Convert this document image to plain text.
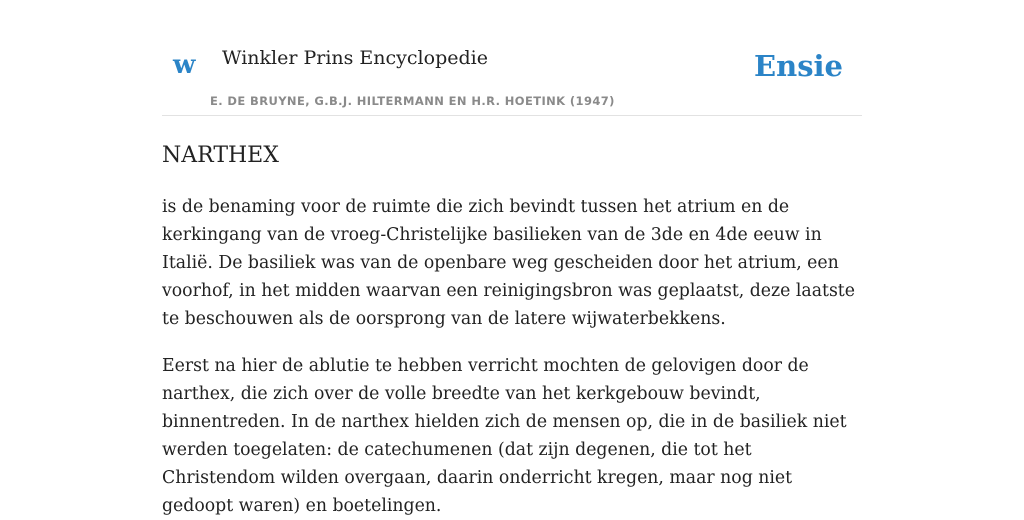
w Winkler Prins Encyclopedie
E. DE BRUYNE, G.B.J. HILTERMANN EN H.R. HOETINK (1947)
Ensie
NARTHEX

is de benaming voor de ruimte die zich bevindt tussen het atrium en de kerkingang van de vroeg-Christelijke basilieken van de 3de en 4de eeuw in Italië. De basiliek was van de openbare weg gescheiden door het atrium, een voorhof, in het midden waarvan een reinigingsbron was geplaatst, deze laatste te beschouwen als de oorsprong van de latere wijwaterbekkens.

Eerst na hier de ablutie te hebben verricht mochten de gelovigen door de narthex, die zich over de volle breedte van het kerkgebouw bevindt, binnentreden. In de narthex hielden zich de mensen op, die in de basiliek niet werden toegelaten: de catechumenen (dat zijn degenen, die tot het Christendom wilden overgaan, daarin onderricht kregen, maar nog niet gedoopt waren) en boetelingen.
